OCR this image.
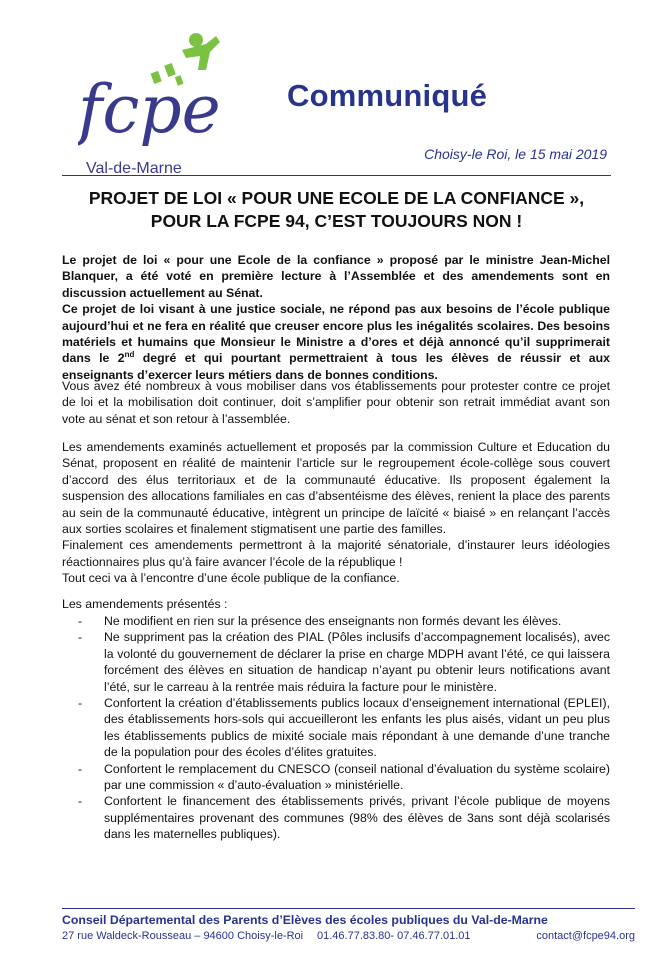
fcpe
Val-de-Marne
Communiqué
Choisy-le Roi, le 15 mai 2019
PROJET DE LOI « POUR UNE ECOLE DE LA CONFIANCE »,
POUR LA FCPE 94, C’EST TOUJOURS NON !

Le projet de loi « pour une Ecole de la confiance » proposé par le ministre Jean-Michel Blanquer, a été voté en première lecture à l’Assemblée et des amendements sont en discussion actuellement au Sénat.

Ce projet de loi visant à une justice sociale, ne répond pas aux besoins de l’école publique aujourd’hui et ne fera en réalité que creuser encore plus les inégalités scolaires. Des besoins matériels et humains que Monsieur le Ministre a d’ores et déjà annoncé qu’il supprimerait dans le 2nd degré et qui pourtant permettraient à tous les élèves de réussir et aux enseignants d’exercer leurs métiers dans de bonnes conditions.

Vous avez été nombreux à vous mobiliser dans vos établissements pour protester contre ce projet de loi et la mobilisation doit continuer, doit s’amplifier pour obtenir son retrait immédiat avant son vote au sénat et son retour à l’assemblée.

Les amendements examinés actuellement et proposés par la commission Culture et Education du Sénat, proposent en réalité de maintenir l’article sur le regroupement école-collège sous couvert d’accord des élus territoriaux et de la communauté éducative. Ils proposent également la suspension des allocations familiales en cas d’absentéisme des élèves, renient la place des parents au sein de la communauté éducative, intègrent un principe de laïcité « biaisé » en relançant l’accès aux sorties scolaires et finalement stigmatisent une partie des familles.

Finalement ces amendements permettront à la majorité sénatoriale, d’instaurer leurs idéologies réactionnaires plus qu’à faire avancer l’école de la république !

Tout ceci va à l’encontre d’une école publique de la confiance.

Les amendements présentés :
- Ne modifient en rien sur la présence des enseignants non formés devant les élèves.
- Ne suppriment pas la création des PIAL (Pôles inclusifs d’accompagnement localisés), avec la volonté du gouvernement de déclarer la prise en charge MDPH avant l’été, ce qui laissera forcément des élèves en situation de handicap n’ayant pu obtenir leurs notifications avant l’été, sur le carreau à la rentrée mais réduira la facture pour le ministère.
- Confortent la création d’établissements publics locaux d’enseignement international (EPLEI), des établissements hors-sols qui accueilleront les enfants les plus aisés, vidant un peu plus les établissements publics de mixité sociale mais répondant à une demande d’une tranche de la population pour des écoles d’élites gratuites.
- Confortent le remplacement du CNESCO (conseil national d’évaluation du système scolaire) par une commission « d’auto-évaluation » ministérielle.
- Confortent le financement des établissements privés, privant l’école publique de moyens supplémentaires provenant des communes (98% des élèves de 3ans sont déjà scolarisés dans les maternelles publiques).
Conseil Départemental des Parents d’Elèves des écoles publiques du Val-de-Marne
27 rue Waldeck-Rousseau – 94600 Choisy-le-Roi 01.46.77.83.80- 07.46.77.01.01	contact@fcpe94.org
